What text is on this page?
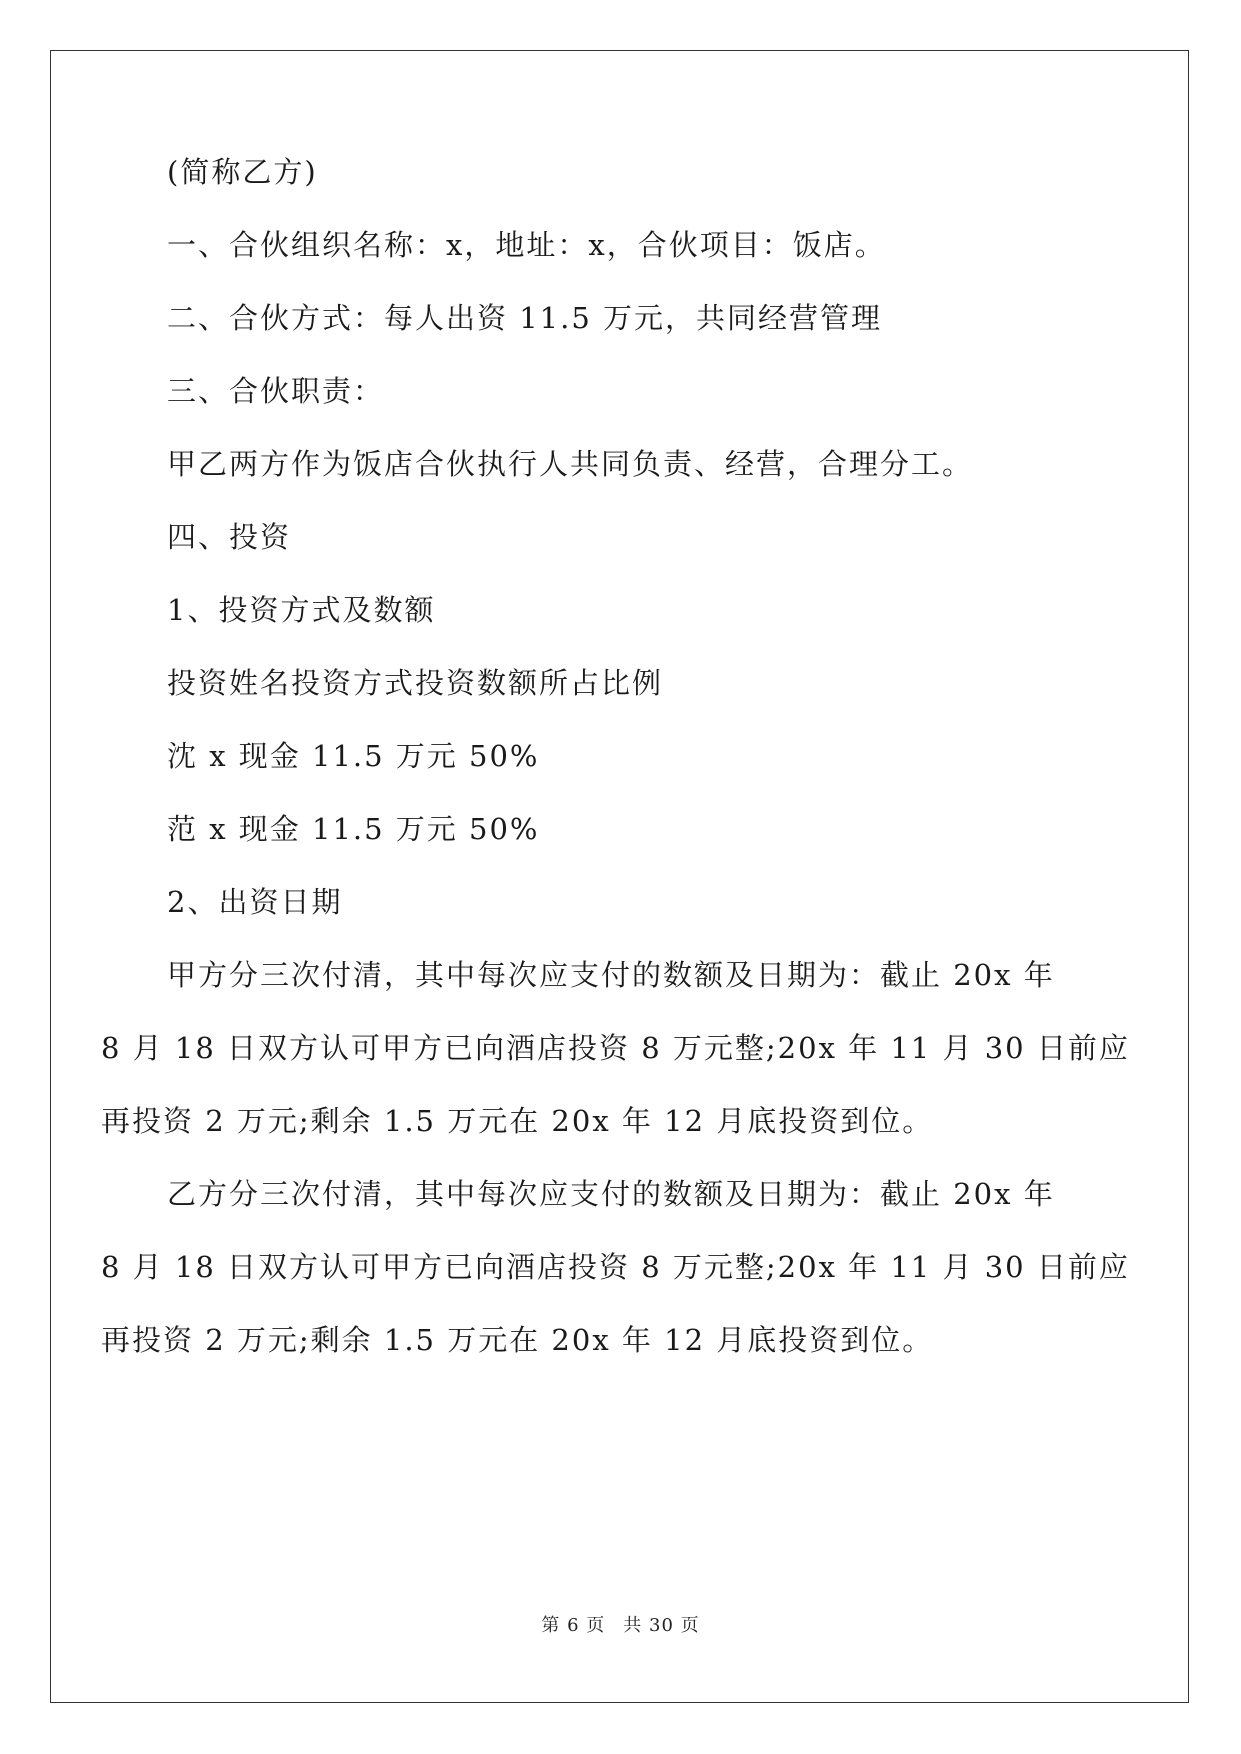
(简称乙方)
一、合伙组织名称：x，地址：x，合伙项目：饭店。
二、合伙方式：每人出资 11.5 万元，共同经营管理
三、合伙职责：
甲乙两方作为饭店合伙执行人共同负责、经营，合理分工。
四、投资
1、投资方式及数额
投资姓名投资方式投资数额所占比例
沈 x 现金 11.5 万元 50%
范 x 现金 11.5 万元 50%
2、出资日期
甲方分三次付清，其中每次应支付的数额及日期为：截止 20x 年
8 月 18 日双方认可甲方已向酒店投资 8 万元整;20x 年 11 月 30 日前应
再投资 2 万元;剩余 1.5 万元在 20x 年 12 月底投资到位。
乙方分三次付清，其中每次应支付的数额及日期为：截止 20x 年
8 月 18 日双方认可甲方已向酒店投资 8 万元整;20x 年 11 月 30 日前应
再投资 2 万元;剩余 1.5 万元在 20x 年 12 月底投资到位。
第 6 页 共 30 页
